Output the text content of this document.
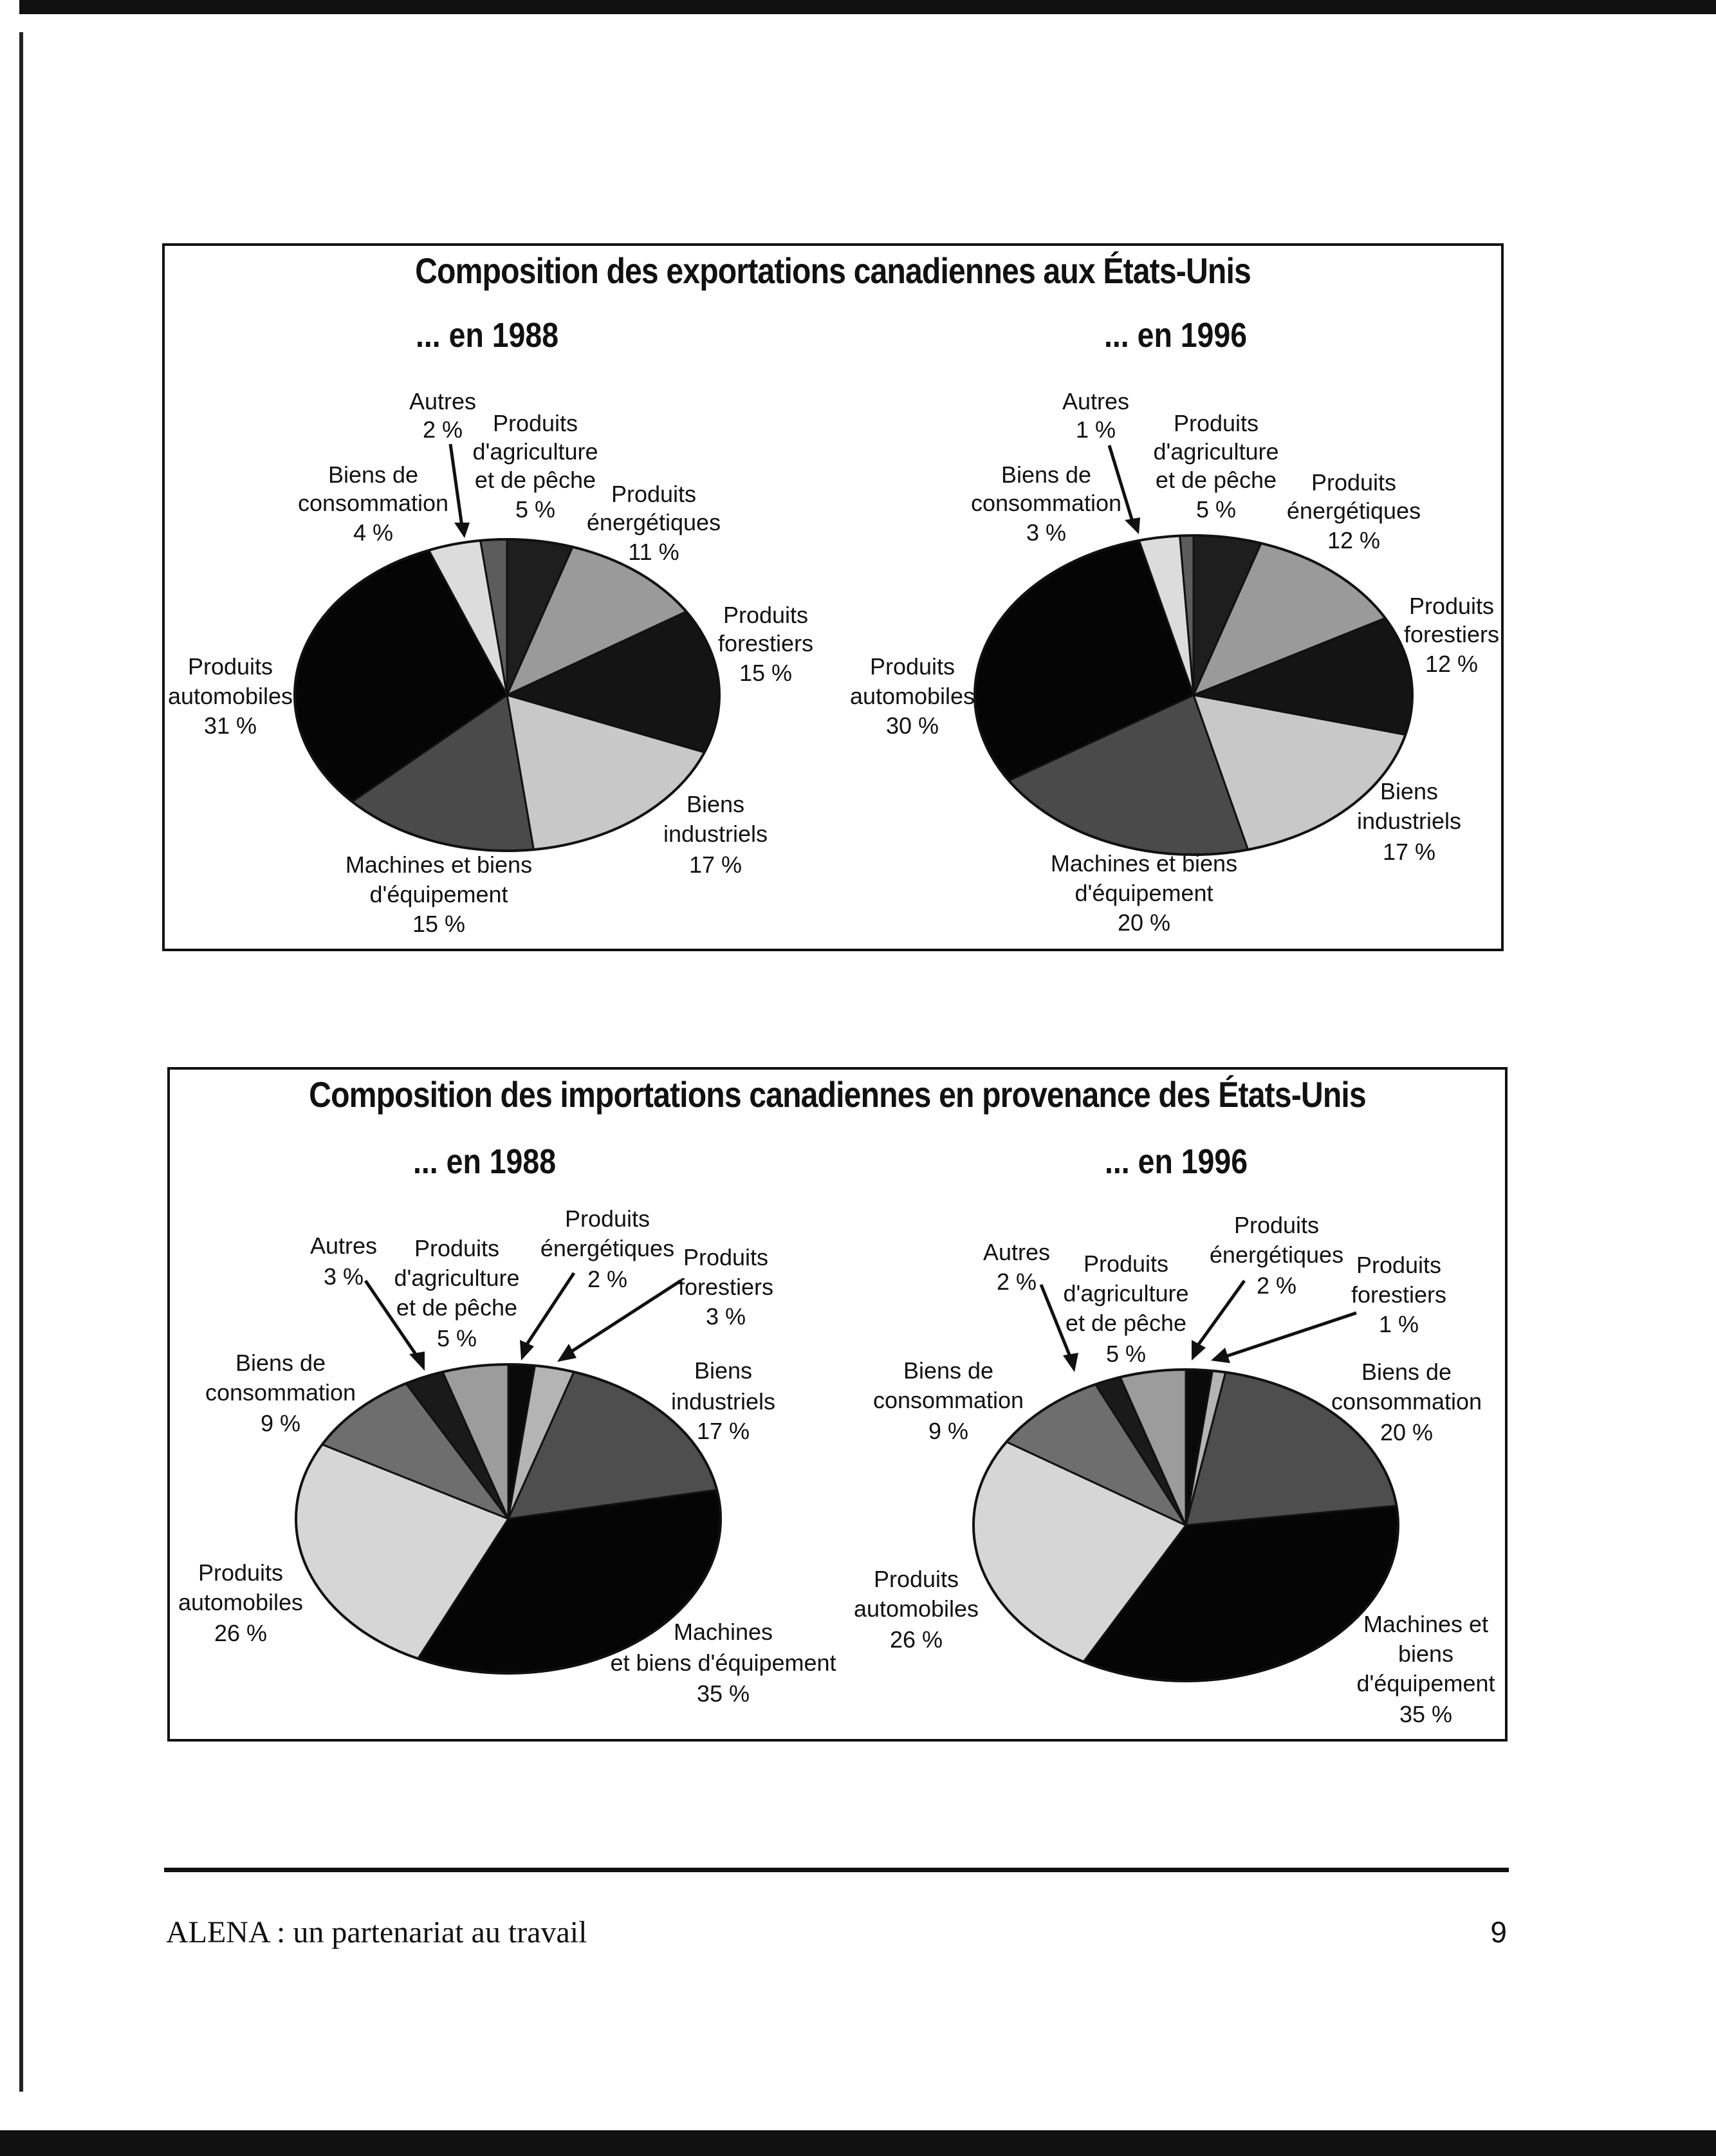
Composition des exportations canadiennes aux États-Unis
... en 1988	... en 1996
Composition des importations canadiennes en provenance des États-Unis
... en 1988	... en 1996
Autres
2 % Produits
d'agriculture
et de pêche
5 %
Produits
énergétiques
11 %
Biens de
consommation
4 %
Produits
forestiers
15 %
Produits
automobiles
31 %
Biens
industriels
17 %
Machines et biens
d'équipement
15 %
Autres
1 % Produits
d'agriculture
et de pêche
5 %
Produits
énergétiques
12 %
Biens de
consommation
3 %
Produits
forestiers
12 %
Produits
automobiles
30 %
Biens
industriels
17 %
Machines et biens
d'équipement
20 %
Autres
3 %
Produits
d'agriculture
et de pêche
5 %
Produits
énergétiques
2 %
Produits
forestiers
3 %
Biens de
consommation
9 %
Biens
industriels
17 %
Produits
automobiles
26 %	Machines
et biens d'équipement
35 %
Autres
2 %
Produits
d'agriculture
et de pêche
5 %
Produits
énergétiques
2 %
Produits
forestiers
1 %
Biens de
consommation
9 %
Biens de
consommation
20 %
Produits
automobiles
26 %
Machines et
biens
d'équipement
35 %
ALENA : un partenariat au travail	9
